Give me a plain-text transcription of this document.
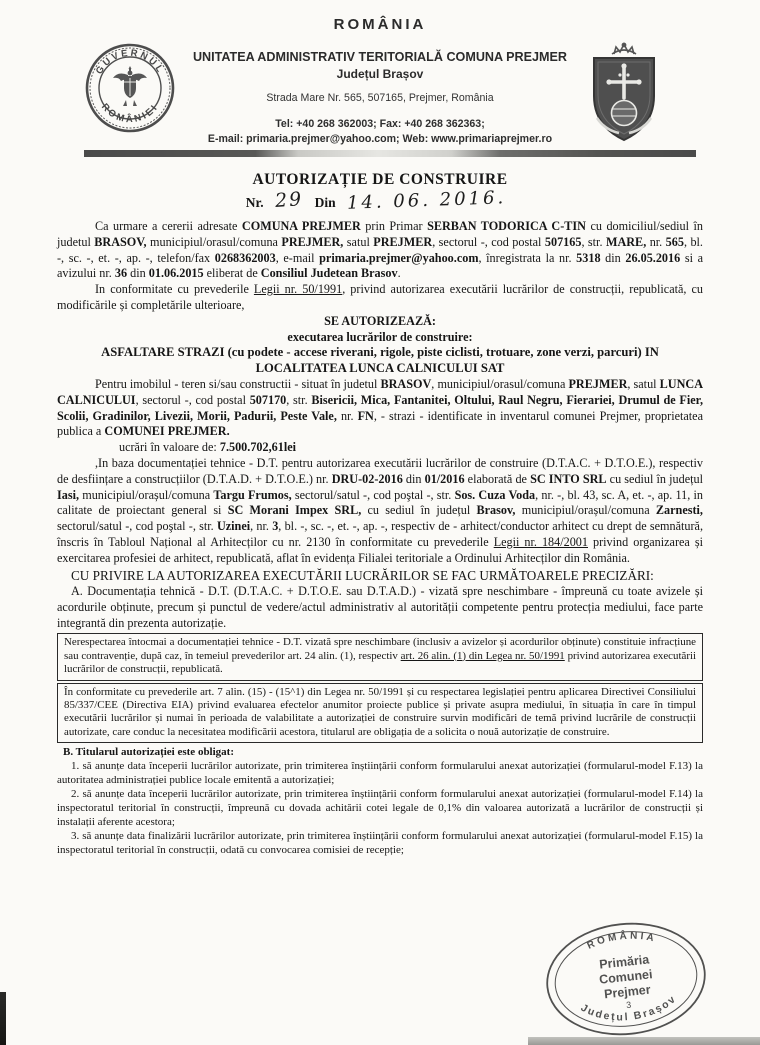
ROMÂNIA
GUVERNUL
ROMÂNIEI
UNITATEA ADMINISTRATIV TERITORIALĂ COMUNA PREJMER
Județul Brașov
Strada Mare Nr. 565, 507165, Prejmer, România
Tel: +40 268 362003; Fax: +40 268 362363;
E-mail: primaria.prejmer@yahoo.com; Web: www.primariaprejmer.ro
AUTORIZAȚIE DE CONSTRUIRE
Nr. 29 Din 14. 06. 2016.

Ca urmare a cererii adresate COMUNA PREJMER prin Primar SERBAN TODORICA C-TIN cu domiciliul/sediul în judetul BRASOV, municipiul/orasul/comuna PREJMER, satul PREJMER, sectorul -, cod postal 507165, str. MARE, nr. 565, bl. -, sc. -, et. -, ap. -, telefon/fax 0268362003, e-mail primaria.prejmer@yahoo.com, înregistrata la nr. 5318 din 26.05.2016 si a avizului nr. 36 din 01.06.2015 eliberat de Consiliul Judetean Brasov.

In conformitate cu prevederile Legii nr. 50/1991, privind autorizarea executării lucrărilor de construcții, republicată, cu modificările și completările ulterioare,

SE AUTORIZEAZĂ:

executarea lucrărilor de construire:

ASFALTARE STRAZI (cu podete - accese riverani, rigole, piste ciclisti, trotuare, zone verzi, parcuri) IN LOCALITATEA LUNCA CALNICULUI SAT

Pentru imobilul - teren si/sau constructii - situat în judetul BRASOV, municipiul/orasul/comuna PREJMER, satul LUNCA CALNICULUI, sectorul -, cod postal 507170, str. Bisericii, Mica, Fantanitei, Oltului, Raul Negru, Fierariei, Drumul de Fier, Scolii, Gradinilor, Livezii, Morii, Padurii, Peste Vale, nr. FN, - strazi - identificate in inventarul comunei Prejmer, proprietatea publica a COMUNEI PREJMER.

ucrări în valoare de: 7.500.702,61lei

,In baza documentației tehnice - D.T. pentru autorizarea executării lucrărilor de construire (D.T.A.C. + D.T.O.E.), respectiv de desființare a construcțiilor (D.T.A.D. + D.T.O.E.) nr. DRU-02-2016 din 01/2016 elaborată de SC INTO SRL cu sediul în județul Iasi, municipiul/orașul/comuna Targu Frumos, sectorul/satul -, cod poştal -, str. Sos. Cuza Voda, nr. -, bl. 43, sc. A, et. -, ap. 11, in calitate de proiectant general si SC Morani Impex SRL, cu sediul în județul Brasov, municipiul/orașul/comuna Zarnesti, sectorul/satul -, cod poştal -, str. Uzinei, nr. 3, bl. -, sc. -, et. -, ap. -, respectiv de - arhitect/conductor arhitect cu drept de semnătură, înscris în Tabloul Național al Arhitecților cu nr. 2130 în conformitate cu prevederile Legii nr. 184/2001 privind organizarea și exercitarea profesiei de arhitect, republicată, aflat în evidența Filialei teritoriale a Ordinului Arhitecților din România.

CU PRIVIRE LA AUTORIZAREA EXECUTĂRII LUCRĂRILOR SE FAC URMĂTOARELE PRECIZĂRI:

A. Documentația tehnică - D.T. (D.T.A.C. + D.T.O.E. sau D.T.A.D.) - vizată spre neschimbare - împreună cu toate avizele și acordurile obținute, precum și punctul de vedere/actul administrativ al autorității competente pentru protecția mediului, face parte integrantă din prezenta autorizație.

Nerespectarea întocmai a documentației tehnice - D.T. vizată spre neschimbare (inclusiv a avizelor și acordurilor obținute) constituie infracțiune sau contravenție, după caz, în temeiul prevederilor art. 24 alin. (1), respectiv art. 26 alin. (1) din Legea nr. 50/1991 privind autorizarea executării lucrărilor de construcții, republicată.
În conformitate cu prevederile art. 7 alin. (15) - (15^1) din Legea nr. 50/1991 și cu respectarea legislației pentru aplicarea Directivei Consiliului 85/337/CEE (Directiva EIA) privind evaluarea efectelor anumitor proiecte publice și private asupra mediului, în situația în care în timpul executării lucrărilor și numai în perioada de valabilitate a autorizației de construire survin modificări de temă privind lucrările de construcții autorizate, care conduc la necesitatea modificării acestora, titularul are obligația de a solicita o nouă autorizație de construire.

B. Titularul autorizației este obligat:

1. să anunțe data începerii lucrărilor autorizate, prin trimiterea înștiințării conform formularului anexat autorizației (formularul-model F.13) la autoritatea administrației publice locale emitentă a autorizației;

2. să anunțe data începerii lucrărilor autorizate, prin trimiterea înștiințării conform formularului anexat autorizației (formularul-model F.14) la inspectoratul teritorial în construcții, împreună cu dovada achitării cotei legale de 0,1% din valoarea autorizată a lucrărilor de construcții și instalații aferente acestora;

3. să anunțe data finalizării lucrărilor autorizate, prin trimiterea înștiințării conform formularului anexat autorizației (formularul-model F.15) la inspectoratul teritorial în construcții, odată cu convocarea comisiei de recepție;

ROMÂNIA
Județul Brașov
Primăria
Comunei
Prejmer
3
